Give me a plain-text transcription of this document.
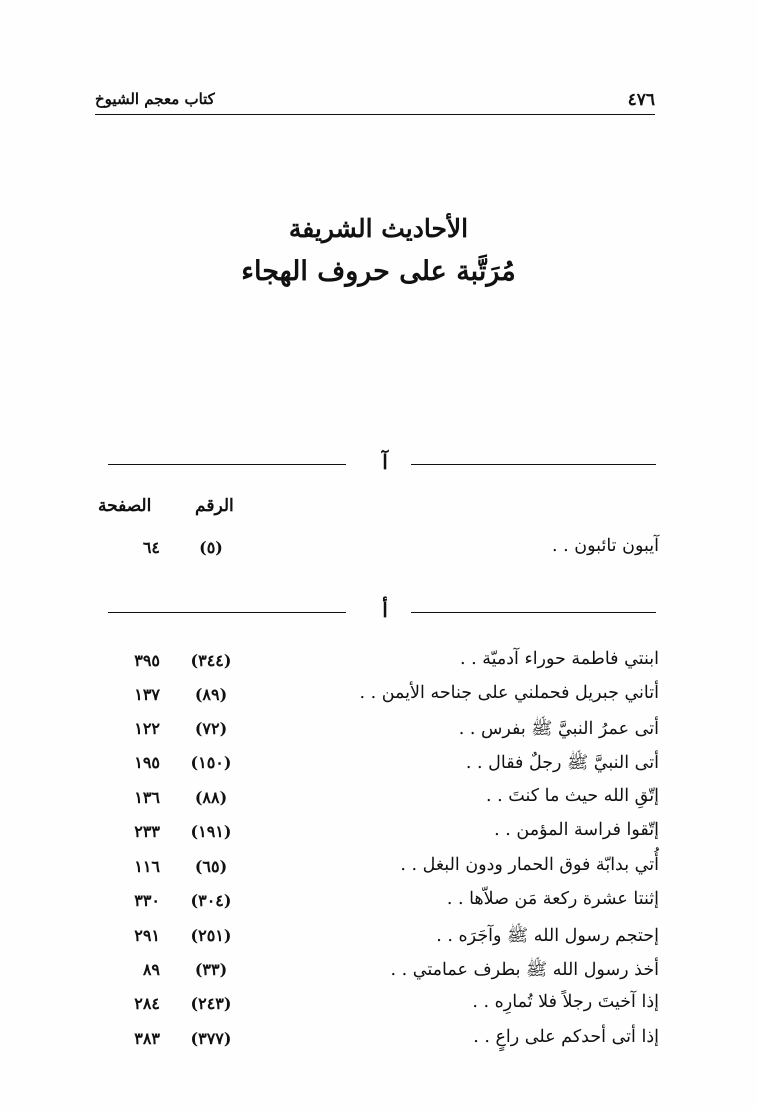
٤٧٦
كتاب معجم الشيوخ
الأحاديث الشريفة
مُرَتَّبة على حروف الهجاء
آ
الصفحة	الرقم
آيبون تائبون . .
(٥)
٦٤
أ
ابنتي فاطمة حوراء آدميّة . .
(٣٤٤)
٣٩٥
أتاني جبريل فحملني على جناحه الأيمن . .
(٨٩)
١٣٧
أتى عمرُ النبيَّ ﷺ بفرس . .
(٧٢)
١٢٢
أتى النبيَّ ﷺ رجلٌ فقال . .
(١٥٠)
١٩٥
إتّقِ الله حيث ما كنتَ . .
(٨٨)
١٣٦
إتّقوا فراسة المؤمن . .
(١٩١)
٢٣٣
أُتي بدابّة فوق الحمار ودون البغل . .
(٦٥)
١١٦
إثنتا عشرة ركعة مَن صلاّها . .
(٣٠٤)
٣٣٠
إحتجم رسول الله ﷺ وآجَرَه . .
(٢٥١)
٢٩١
أخذ رسول الله ﷺ بطرف عمامتي . .
(٣٣)
٨٩
إذا آخيتَ رجلاً فلا تُمارِه . .
(٢٤٣)
٢٨٤
إذا أتى أحدكم على راعٍ . .
(٣٧٧)
٣٨٣
